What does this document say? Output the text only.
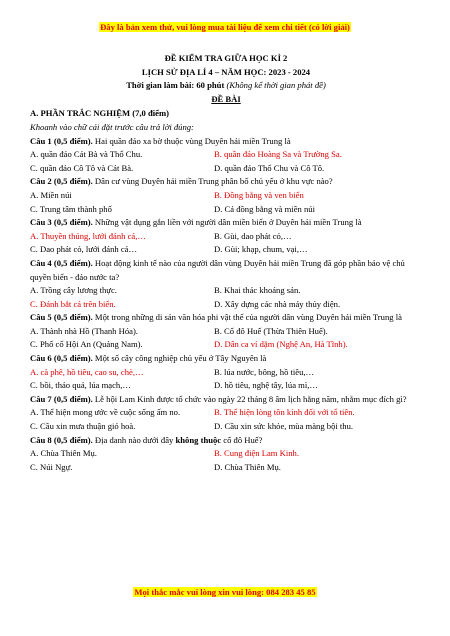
Đây là bản xem thử, vui lòng mua tài liệu để xem chi tiết (có lời giải)
ĐỀ KIỂM TRA GIỮA HỌC KÌ 2
LỊCH SỬ ĐỊA LÍ 4 – NĂM HỌC: 2023 - 2024
Thời gian làm bài: 60 phút (Không kể thời gian phát đề)
ĐỀ BÀI
A. PHẦN TRẮC NGHIỆM (7,0 điểm)
Khoanh vào chữ cái đặt trước câu trả lời đúng:
Câu 1 (0,5 điểm). Hai quần đảo xa bờ thuộc vùng Duyên hải miền Trung là
A. quần đảo Cát Bà và Thổ Chu.	B. quần đảo Hoàng Sa và Trường Sa.
C. quần đảo Cô Tô và Cát Bà.	D. quần đảo Thổ Chu và Cô Tô.
Câu 2 (0,5 điểm). Dân cư vùng Duyên hải miền Trung phân bố chủ yếu ở khu vực nào?
A. Miền núi	B. Đồng bằng và ven biển
C. Trung tâm thành phố	D. Cả đồng bằng và miền núi
Câu 3 (0,5 điểm). Những vật dụng gắn liền với người dân miền biển ở Duyên hải miền Trung là
A. Thuyền thúng, lưới đánh cá,…	B. Gùi, dao phát cỏ,…
C. Dao phát cỏ, lưới đánh cá…	D. Gùi; khạp, chum, vại,…
Câu 4 (0,5 điểm). Hoạt động kinh tế nào của người dân vùng Duyên hải miền Trung đã góp phần bảo vệ chủ quyền biển - đảo nước ta?
A. Trồng cây lương thực.	B. Khai thác khoáng sản.
C. Đánh bắt cá trên biển.	D. Xây dựng các nhà máy thủy điện.
Câu 5 (0,5 điểm). Một trong những di sản văn hóa phi vật thể của người dân vùng Duyên hải miền Trung là
A. Thành nhà Hồ (Thanh Hóa).	B. Cố đô Huế (Thừa Thiên Huế).
C. Phố cổ Hội An (Quảng Nam).	D. Dân ca ví dặm (Nghệ An, Hà Tĩnh).
Câu 6 (0,5 điểm). Một số cây công nghiệp chủ yếu ở Tây Nguyên là
A. cà phê, hồ tiêu, cao su, chè,…	B. lúa nước, bông, hồ tiêu,…
C. bồi, thảo quả, lúa mạch,…	D. hồ tiêu, nghệ tây, lúa mì,…
Câu 7 (0,5 điểm). Lễ hội Lam Kinh được tổ chức vào ngày 22 tháng 8 âm lịch hằng năm, nhằm mục đích gì?
A. Thể hiện mong ước về cuộc sống ấm no.	B. Thể hiện lòng tôn kính đối với tổ tiên.
C. Cầu xin mưa thuận gió hoà.	D. Cầu xin sức khỏe, mùa màng bội thu.
Câu 8 (0,5 điểm). Địa danh nào dưới đây không thuộc cố đô Huế?
A. Chùa Thiên Mụ.	B. Cung điện Lam Kinh.
C. Núi Ngự.	D. Chùa Thiên Mụ.
Mọi thắc mắc vui lòng xin vui lòng: 084 283 45 85
